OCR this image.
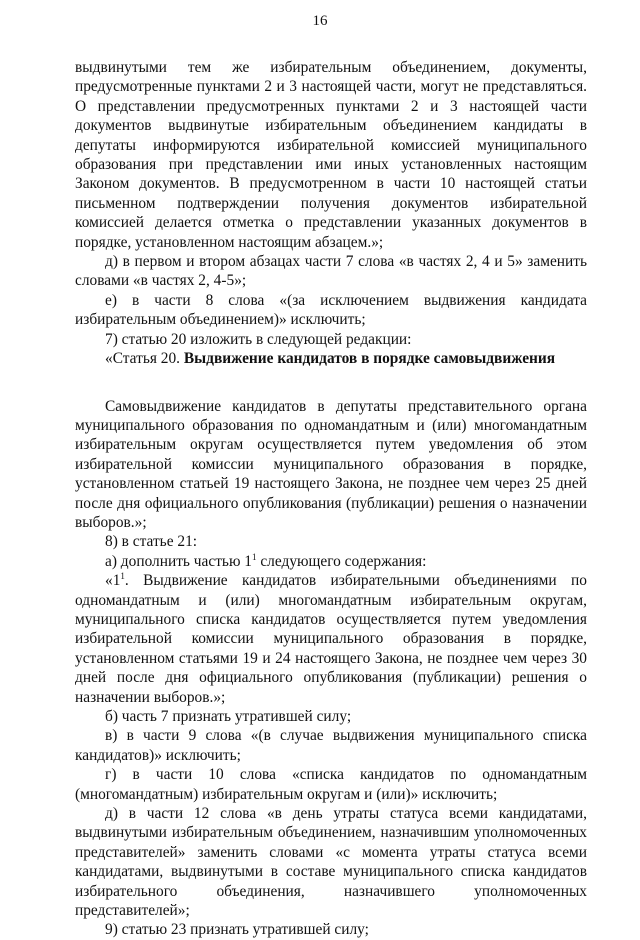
16

выдвинутыми тем же избирательным объединением, документы, предусмотренные пунктами 2 и 3 настоящей части, могут не представляться. О представлении предусмотренных пунктами 2 и 3 настоящей части документов выдвинутые избирательным объединением кандидаты в депутаты информируются избирательной комиссией муниципального образования при представлении ими иных установленных настоящим Законом документов. В предусмотренном в части 10 настоящей статьи письменном подтверждении получения документов избирательной комиссией делается отметка о представлении указанных документов в порядке, установленном настоящим абзацем.»;

д) в первом и втором абзацах части 7 слова «в частях 2, 4 и 5» заменить словами «в частях 2, 4-5»;

е) в части 8 слова «(за исключением выдвижения кандидата избирательным объединением)» исключить;

7) статью 20 изложить в следующей редакции:

«Статья 20. Выдвижение кандидатов в порядке самовыдвижения

Самовыдвижение кандидатов в депутаты представительного органа муниципального образования по одномандатным и (или) многомандатным избирательным округам осуществляется путем уведомления об этом избирательной комиссии муниципального образования в порядке, установленном статьей 19 настоящего Закона, не позднее чем через 25 дней после дня официального опубликования (публикации) решения о назначении выборов.»;

8) в статье 21:

а) дополнить частью $1^1$ следующего содержания:

«$1^1$. Выдвижение кандидатов избирательными объединениями по одномандатным и (или) многомандатным избирательным округам, муниципального списка кандидатов осуществляется путем уведомления избирательной комиссии муниципального образования в порядке, установленном статьями 19 и 24 настоящего Закона, не позднее чем через 30 дней после дня официального опубликования (публикации) решения о назначении выборов.»;

б) часть 7 признать утратившей силу;

в) в части 9 слова «(в случае выдвижения муниципального списка кандидатов)» исключить;

г) в части 10 слова «списка кандидатов по одномандатным (многомандатным) избирательным округам и (или)» исключить;

д) в части 12 слова «в день утраты статуса всеми кандидатами, выдвинутыми избирательным объединением, назначившим уполномоченных представителей» заменить словами «с момента утраты статуса всеми кандидатами, выдвинутыми в составе муниципального списка кандидатов избирательного объединения, назначившего уполномоченных представителей»;

9) статью 23 признать утратившей силу;
